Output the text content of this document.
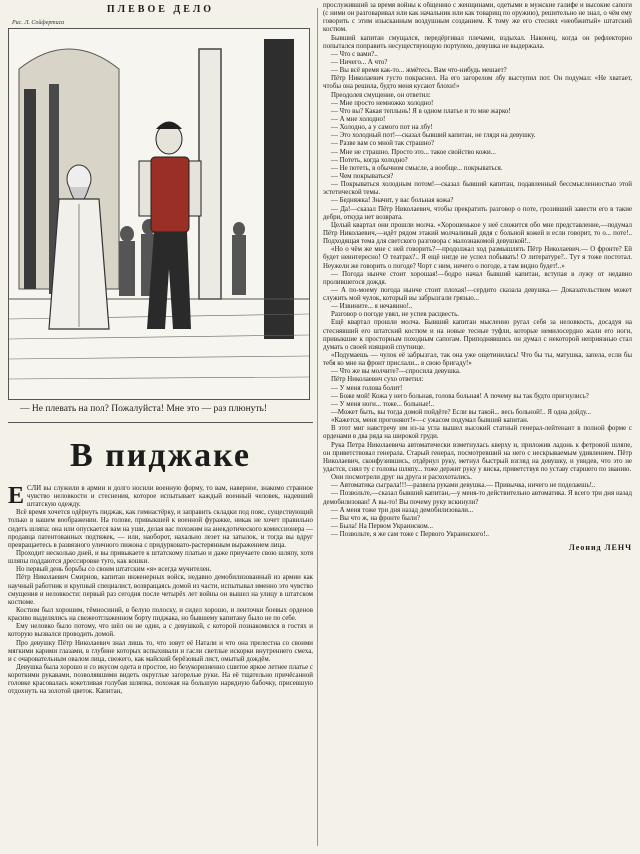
ПЛЕВОЕ ДЕЛО
Рис. Л. Сойфертиса
— Не плевать на пол? Пожалуйста! Мне это — раз плюнуть!
В пиджаке

ЕСЛИ вы служили в армии и долго носили военную форму, то вам, наверное, знакомо странное чувство неловкости и стеснения, которое испытывает каждый военный человек, надевший штатскую одежду.

Всё время хочется одёрнуть пиджак, как гимнастёрку, и заправить складки под пояс, существующий только в вашем воображении. На голове, привыкшей к военной фуражке, никак не хочет правильно сидеть шляпа: она или опускается вам на уши, делая вас похожим на анекдотического комиссионера — продавца патентованных подтяжек, — или, наоборот, нахально лезет на затылок, и тогда вы вдруг превращаетесь в развязного уличного пижона с придурковато-растерянным выражением лица.

Проходит несколько дней, и вы привыкаете к штатскому платью и даже приучаете свою шляпу, хотя шляпы поддаются дрессировке туго, как кошки.

Но первый день борьбы со своим штатским «я» всегда мучителен.

Пётр Николаевич Смирнов, капитан инженерных войск, недавно демобилизованный из армии как научный работник и крупный специалист, возвращаясь домой из части, испытывал именно это чувство смущения и неловкости: первый раз сегодня после четырёх лет войны он вышел на улицу в штатском костюме.

Костюм был хорошим, тёмносиний, в белую полоску, и сидел хорошо, и ленточки боевых орденов красиво выделялись на свежеотглаженном борту пиджака, но бывшему капитану было не по себе.

Ему неловко было потому, что шёл он не один, а с девушкой, с которой познакомился в гостях и которую вызвался проводить домой.

Про девушку Пётр Николаевич знал лишь то, что зовут её Натали и что она прелестна со своими мягкими карими глазами, в глубине которых вспыхивали и гасли светлые искорки внутреннего смеха, и с очаровательным овалом лица, свежего, как майский берёзовый лист, омытый дождём.

Девушка была хорошо и со вкусом одета в простое, но безукоризненно сшитое яркое летнее платье с короткими рукавами, позволявшими видеть округлые загорелые руки. На её тщательно причёсанной головке красовалась кокетливая голубая шляпка, похожая на большую нарядную бабочку, присевшую отдохнуть на золотой цветок. Капитан,

прослуживший за время войны к общению с женщинами, одетыми в мужские галифе и высокие сапоги (с ними он разговаривал или как начальник или как товарищ по оружию), решительно не знал, о чём ему говорить с этим изысканным воздушным созданием. К тому же его стеснял «необжитый» штатский костюм.

Бывший капитан смущался, передёргивал плечами, вздыхал. Наконец, когда он рефлекторно попытался поправить несуществующую портупею, девушка не выдержала.

— Что с вами?..

— Ничего... А что?

— Вы всё время как-то... жмётесь. Вам что-нибудь мешает?

Пётр Николаевич густо покраснел. На его загорелом лбу выступил пот. Он подумал: «Не хватает, чтобы она решила, будто меня кусают блохи!»

Преодолев смущение, он ответил:

— Мне просто немножко холодно!

— Что вы? Какая теплынь! Я в одном платье и то мне жарко!

— А мне холодно!

— Холодно, а у самого пот на лбу!

— Это холодный пот!—сказал бывший капитан, не глядя на девушку.

— Разве вам со мной так страшно?

— Мне не страшно. Просто это... такое свойство кожи...

— Потеть, когда холодно?

— Не потеть, в обычном смысле, а вообще... покрываться.

— Чем покрываться?

— Покрываться холодным потом!—сказал бывший капитан, подавленный бессмысленностью этой эстетической темы.

— Бедняжка! Значит, у вас больная кожа?

— Да!—сказал Пётр Николаевич, чтобы прекратить разговор о поте, грозивший завести его в такие дебри, откуда нет возврата.

Целый квартал они прошли молча. «Хорошенькое у неё сложится обо мне представление,—подумал Пётр Николаевич,—идёт рядом этакий молчаливый дядя с больной кожей и если говорит, то о... поте!.. Подходящая тема для светского разговора с малознакомой девушкой!..

«Но о чём же мне с ней говорить?—продолжал ход размышлять Пётр Николаевич.— О фронте? Ей будет неинтересно! О театрах?.. Я ещё нигде не успел побывать! О литературе?.. Тут я тоже постотал. Неужели же говорить о погоде? Чорт с ним, ничего о погоде, а там видно будет!..»

— Погода нынче стоит хорошая!—бодро начал бывший капитан, вступая в лужу от недавно пролившегося дождя.

— А по-моему погода нынче стоит плохая!—сердито сказала девушка.— Доказательством может служить мой чулок, который вы забрызгали грязью...

— Извините... я нечаянно!..

Разговор о погоде увял, не успев расцвесть.

Ещё квартал прошли молча. Бывший капитан мысленно ругал себя за неловкость, досадуя на стеснявший его штатский костюм и на новые тесные туфли, которые немилосердно жали его ноги, привыкшие к просторным походным сапогам. Приподнявшись он думал с некоторой неприязнью стал думать о своей изящной спутнице.

«Подумаешь — чулок её забрызгал, так она уже ощетинилась! Что бы ты, матушка, запела, если бы тебя ко мне на фронт прислали... в свою бригаду!»

— Что же вы молчите?—спросила девушка.

Пётр Николаевич сухо ответил:

— У меня голова болит!

— Боже мой! Кожа у него больная, голова больная! А почему вы так будто пригнулись?

— У меня ноги... тоже... больные!..

—Может быть, вы тогда домой пойдёте? Если вы такой... весь больной!.. Я одна дойду...

«Кажется, меня прогоняют!»—с ужасом подумал бывший капитан.

В этот миг навстречу им из-за угла вышел высокий статный генерал-лейтенант в полной форме с орденами в два ряда на широкой груди.

Рука Петра Николаевича автоматически взметнулась кверху и, приложив ладонь к фетровой шляпе, он приветствовал генерала. Старый генерал, посмотревший на него с нескрываемым удивлением. Пётр Николаевич, сконфузившись, отдёрнул руку, метнул быстрый взгляд на девушку, и увидев, что это не удастся, снял ту с головы шляпу... тоже держит руку у виска, приветствуя по уставу старшего по званию.

Они посмотрели друг на друга и расхохотались.

— Автоматика сыграла!!!—развела руками девушка.— Привычка, ничего не поделаешь!..

— Позвольте,—сказал бывший капитан,—у меня-то действительно автоматика. Я всего три дня назад демобилизован! А вы-то! Вы почему руку вскинули?

— А меня тоже три дня назад демобилизовали...

— Вы что ж, на фронте были?

— Была! На Первом Украинском...

— Позвольте, я же сам тоже с Первого Украинского!..

Леонид ЛЕНЧ
